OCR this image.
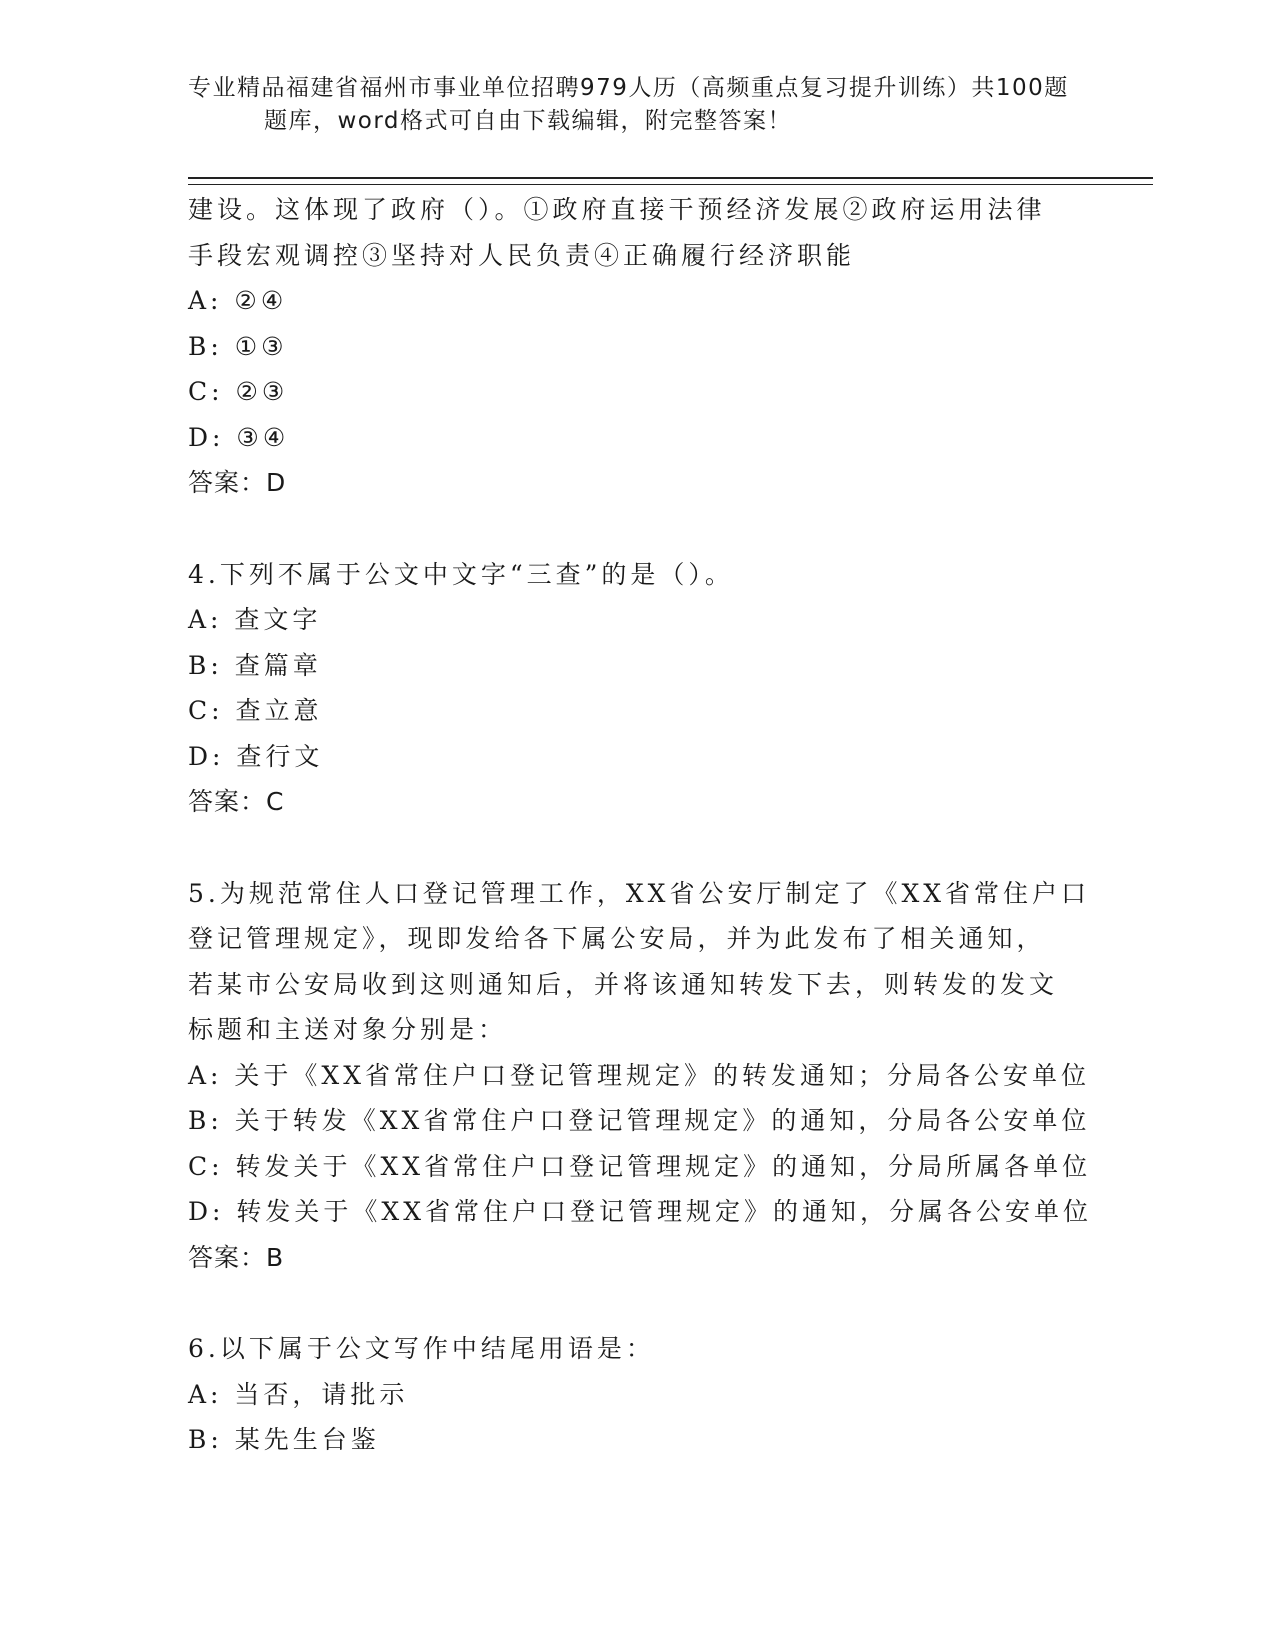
专业精品福建省福州市事业单位招聘979人历（高频重点复习提升训练）共100题
题库，word格式可自由下载编辑，附完整答案！
建设。这体现了政府（）。①政府直接干预经济发展②政府运用法律
手段宏观调控③坚持对人民负责④正确履行经济职能
A: ②④
B: ①③
C: ②③
D: ③④
答案：D
4.下列不属于公文中文字“三查”的是（）。
A: 查文字
B: 查篇章
C: 查立意
D: 查行文
答案：C
5.为规范常住人口登记管理工作，XX省公安厅制定了《XX省常住户口
登记管理规定》，现即发给各下属公安局，并为此发布了相关通知，
若某市公安局收到这则通知后，并将该通知转发下去，则转发的发文
标题和主送对象分别是：
A: 关于《XX省常住户口登记管理规定》的转发通知；分局各公安单位
B: 关于转发《XX省常住户口登记管理规定》的通知，分局各公安单位
C: 转发关于《XX省常住户口登记管理规定》的通知，分局所属各单位
D: 转发关于《XX省常住户口登记管理规定》的通知，分属各公安单位
答案：B
6.以下属于公文写作中结尾用语是：
A: 当否，请批示
B: 某先生台鉴
